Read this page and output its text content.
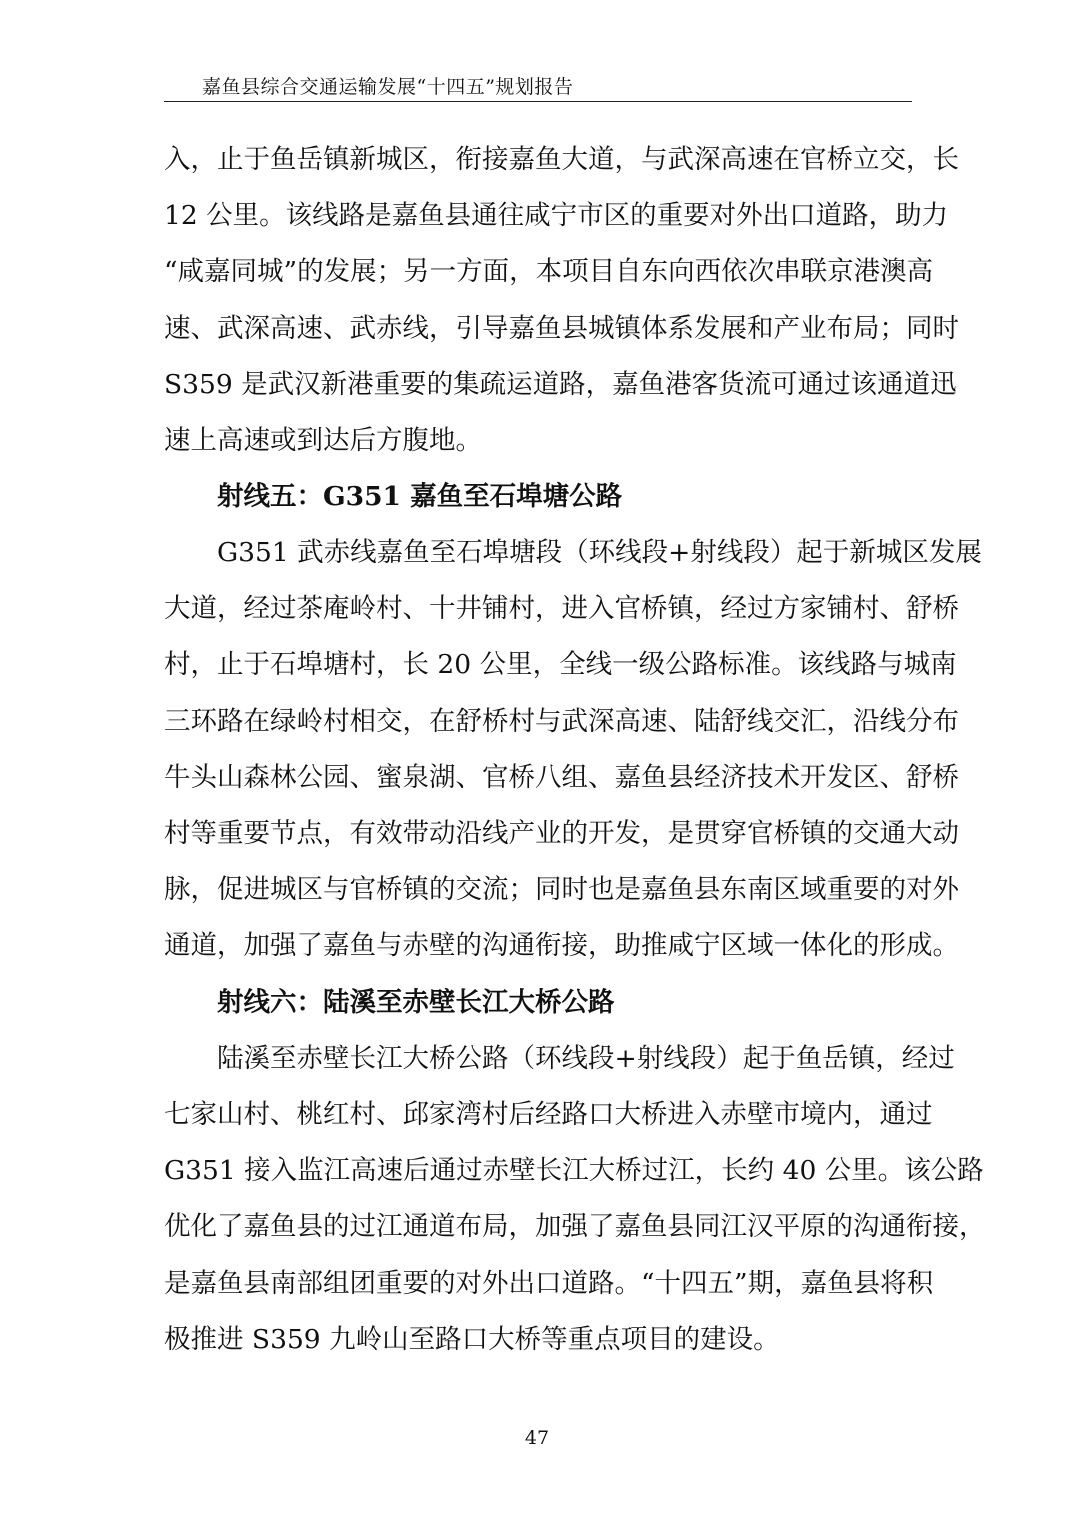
嘉鱼县综合交通运输发展“十四五”规划报告
入，止于鱼岳镇新城区，衔接嘉鱼大道，与武深高速在官桥立交，长
12 公里。该线路是嘉鱼县通往咸宁市区的重要对外出口道路，助力
“咸嘉同城”的发展；另一方面，本项目自东向西依次串联京港澳高
速、武深高速、武赤线，引导嘉鱼县城镇体系发展和产业布局；同时
S359 是武汉新港重要的集疏运道路，嘉鱼港客货流可通过该通道迅
速上高速或到达后方腹地。
射线五：G351 嘉鱼至石埠塘公路
G351 武赤线嘉鱼至石埠塘段（环线段+射线段）起于新城区发展
大道，经过茶庵岭村、十井铺村，进入官桥镇，经过方家铺村、舒桥
村，止于石埠塘村，长 20 公里，全线一级公路标准。该线路与城南
三环路在绿岭村相交，在舒桥村与武深高速、陆舒线交汇，沿线分布
牛头山森林公园、蜜泉湖、官桥八组、嘉鱼县经济技术开发区、舒桥
村等重要节点，有效带动沿线产业的开发，是贯穿官桥镇的交通大动
脉，促进城区与官桥镇的交流；同时也是嘉鱼县东南区域重要的对外
通道，加强了嘉鱼与赤壁的沟通衔接，助推咸宁区域一体化的形成。
射线六：陆溪至赤壁长江大桥公路
陆溪至赤壁长江大桥公路（环线段+射线段）起于鱼岳镇，经过
七家山村、桃红村、邱家湾村后经路口大桥进入赤壁市境内，通过
G351 接入监江高速后通过赤壁长江大桥过江，长约 40 公里。该公路
优化了嘉鱼县的过江通道布局，加强了嘉鱼县同江汉平原的沟通衔接，
是嘉鱼县南部组团重要的对外出口道路。“十四五”期，嘉鱼县将积
极推进 S359 九岭山至路口大桥等重点项目的建设。
47
